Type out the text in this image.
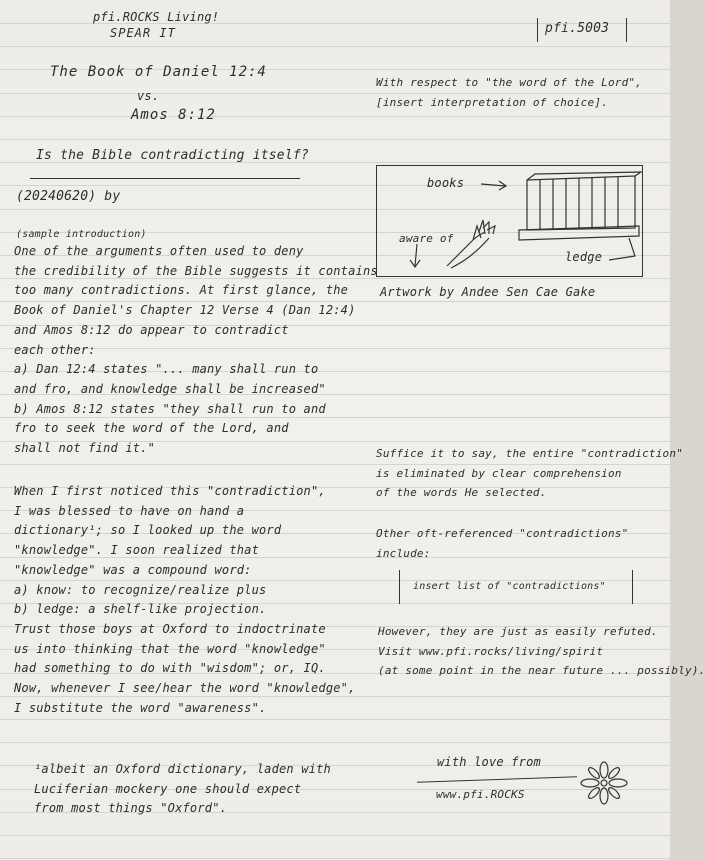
pfi.ROCKS Living!
SPEAR IT	pfi.5003
The Book of Daniel 12:4
vs.
Amos 8:12
Is the Bible contradicting itself?
(20240620) by
(sample introduction)
One of the arguments often used to deny
the credibility of the Bible suggests it contains
too many contradictions. At first glance, the
Book of Daniel's Chapter 12 Verse 4 (Dan 12:4)
and Amos 8:12 do appear to contradict
each other:
a) Dan 12:4 states "... many shall run to
and fro, and knowledge shall be increased"
b) Amos 8:12 states "they shall run to and
fro to seek the word of the Lord, and
shall not find it."
When I first noticed this "contradiction",
I was blessed to have on hand a
dictionary¹; so I looked up the word
"knowledge". I soon realized that
"knowledge" was a compound word:
a) know: to recognize/realize plus
b) ledge: a shelf-like projection.
Trust those boys at Oxford to indoctrinate
us into thinking that the word "knowledge"
had something to do with "wisdom"; or, IQ.
Now, whenever I see/hear the word "knowledge",
I substitute the word "awareness".
¹albeit an Oxford dictionary, laden with
Luciferian mockery one should expect
from most things "Oxford".
With respect to "the word of the Lord",
[insert interpretation of choice].
books
aware of
ledge
Artwork by Andee Sen Cae Gake
Suffice it to say, the entire "contradiction"
is eliminated by clear comprehension
of the words He selected.
Other oft-referenced "contradictions"
include:
insert list of "contradictions"
However, they are just as easily refuted.
Visit www.pfi.rocks/living/spirit
(at some point in the near future ... possibly).
with love from
www.pfi.ROCKS
